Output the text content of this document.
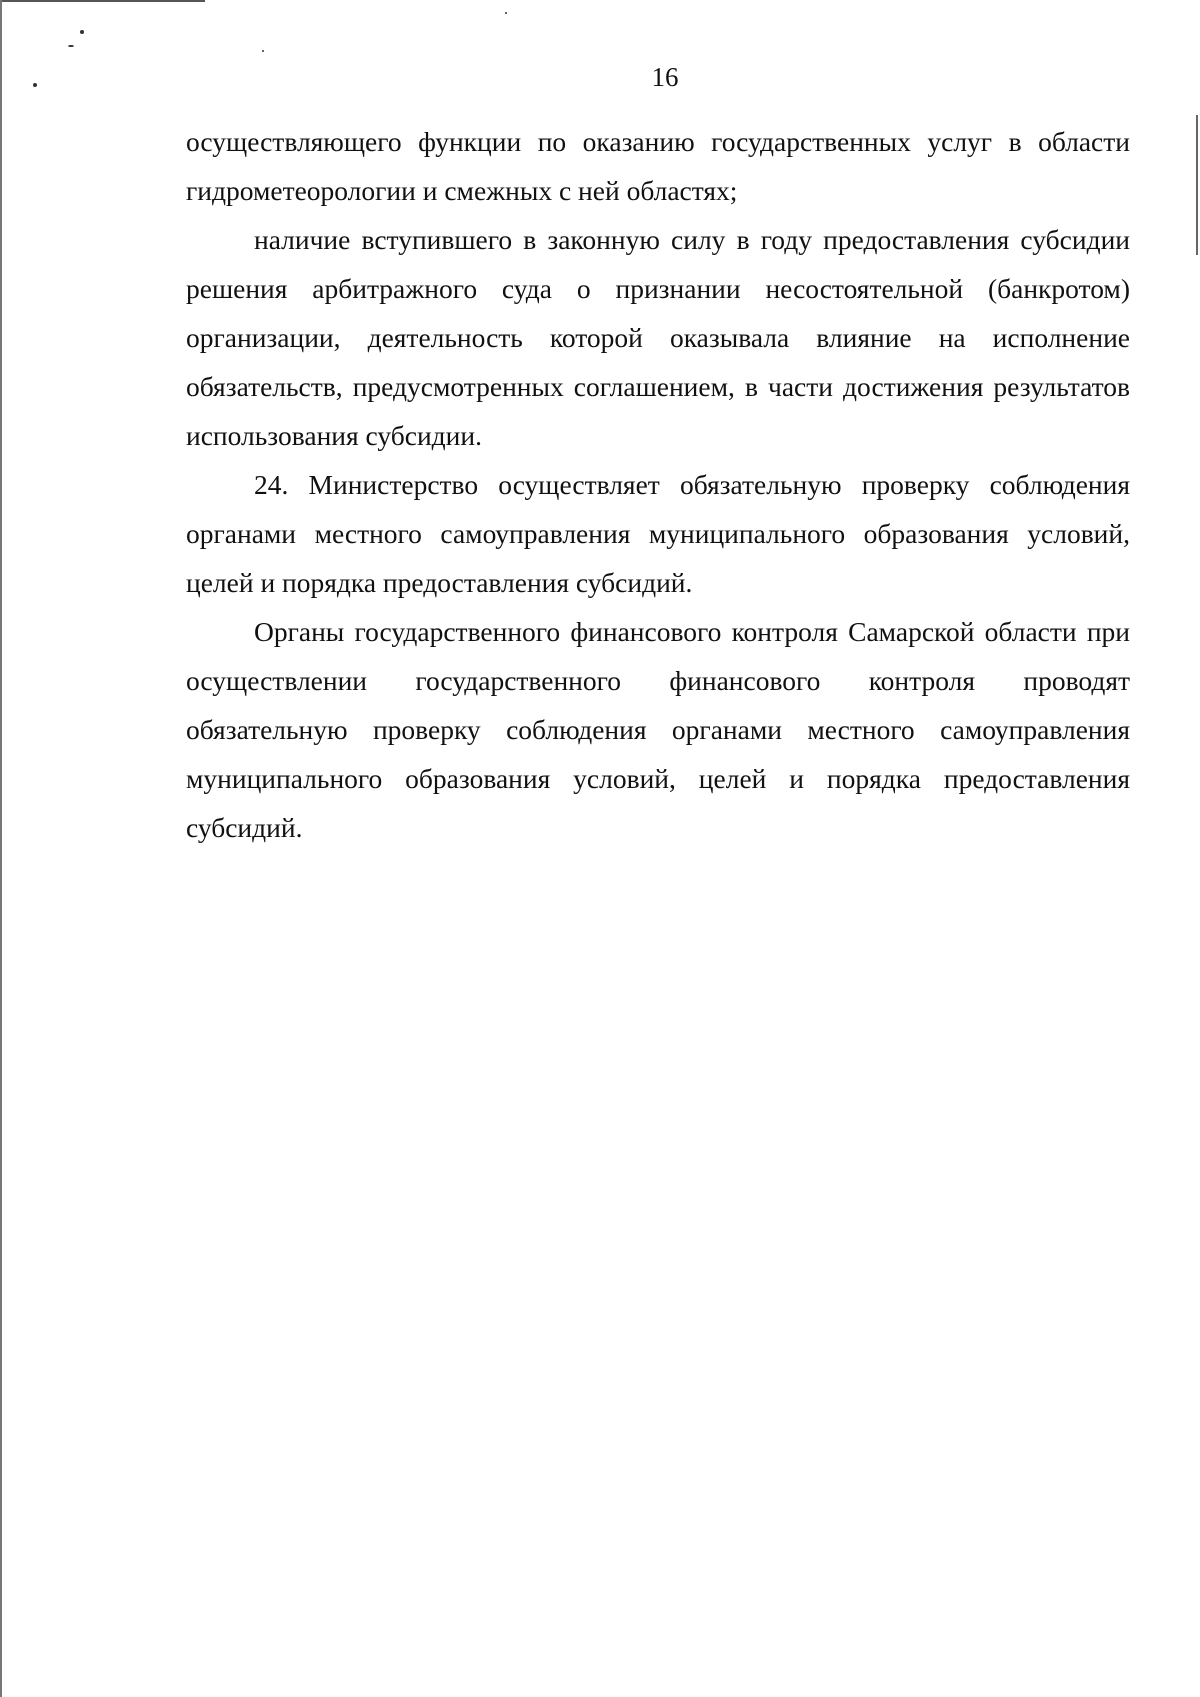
16

осуществляющего функции по оказанию государственных услуг в области гидрометеорологии и смежных с ней областях;

наличие вступившего в законную силу в году предоставления субсидии решения арбитражного суда о признании несостоятельной (банкротом) организации, деятельность которой оказывала влияние на исполнение обязательств, предусмотренных соглашением, в части достижения результатов использования субсидии.

24. Министерство осуществляет обязательную проверку соблюдения органами местного самоуправления муниципального образования условий, целей и порядка предоставления субсидий.

Органы государственного финансового контроля Самарской области при осуществлении государственного финансового контроля проводят обязательную проверку соблюдения органами местного самоуправления муниципального образования условий, целей и порядка предоставления субсидий.
